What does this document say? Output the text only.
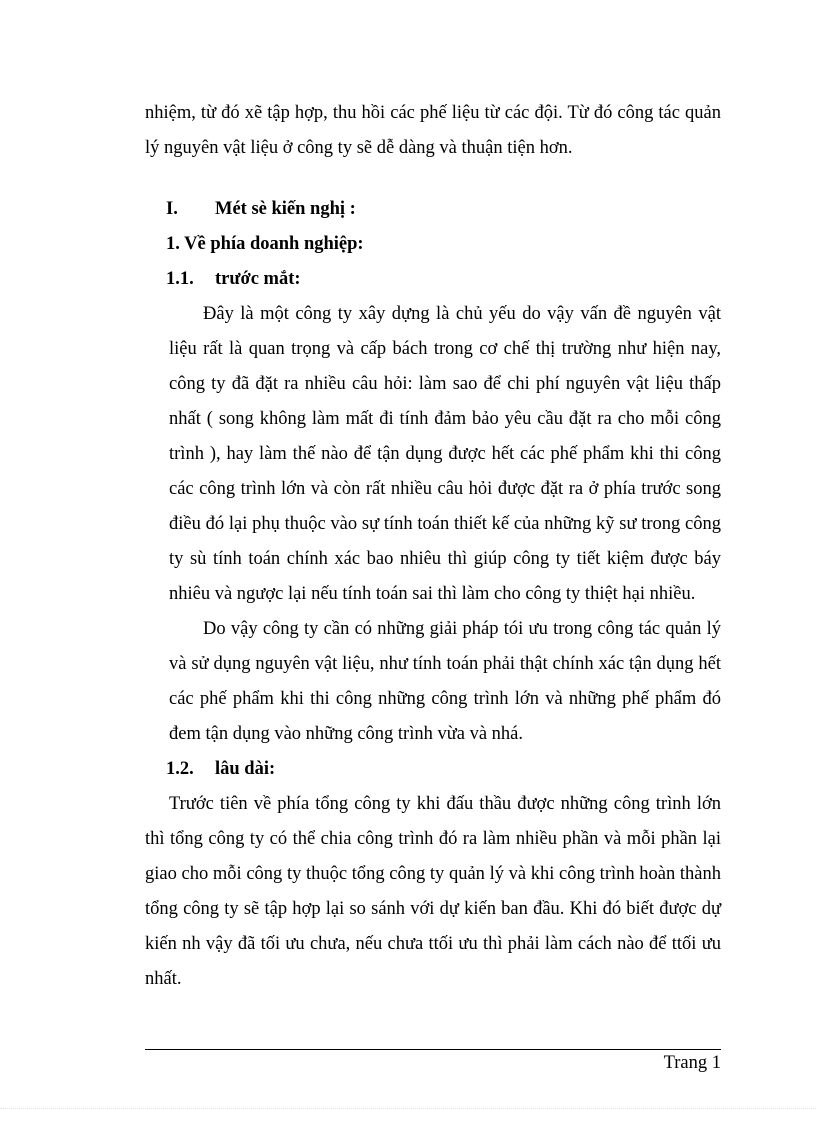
nhiệm, từ đó xẽ tập hợp, thu hồi các phế liệu từ các đội. Từ đó công tác quản lý nguyên vật liệu ở công ty sẽ dễ dàng và thuận tiện hơn.

I. Mét sè kiến nghị :
1. Về phía doanh nghiệp:
1.1. trước mắt:

Đây là một công ty xây dựng là chủ yếu do vậy vấn đề nguyên vật liệu rất là quan trọng và cấp bách trong cơ chế thị trường như hiện nay, công ty đã đặt ra nhiều câu hỏi: làm sao để chi phí nguyên vật liệu thấp nhất ( song không làm mất đi tính đảm bảo yêu cầu đặt ra cho mỗi công trình ), hay làm thế nào để tận dụng được hết các phế phẩm khi thi công các công trình lớn và còn rất nhiều câu hỏi được đặt ra ở phía trước song điều đó lại phụ thuộc vào sự tính toán thiết kế của những kỹ sư trong công ty sù tính toán chính xác bao nhiêu thì giúp công ty tiết kiệm được báy nhiêu và ngược lại nếu tính toán sai thì làm cho công ty thiệt hại nhiều.

Do vậy công ty cần có những giải pháp tói ưu trong công tác quản lý và sử dụng nguyên vật liệu, như tính toán phải thật chính xác tận dụng hết các phế phẩm khi thi công những công trình lớn và những phế phẩm đó đem tận dụng vào những công trình vừa và nhá.

1.2. lâu dài:

Trước tiên về phía tổng công ty khi đấu thầu được những công trình lớn thì tổng công ty có thể chia công trình đó ra làm nhiều phần và mỗi phần lại giao cho mỗi công ty thuộc tổng công ty quản lý và khi công trình hoàn thành tổng công ty sẽ tập hợp lại so sánh với dự kiến ban đầu. Khi đó biết được dự kiến nh vậy đã tối ưu chưa, nếu chưa ttối ưu thì phải làm cách nào để ttối ưu nhất.

Trang 1
